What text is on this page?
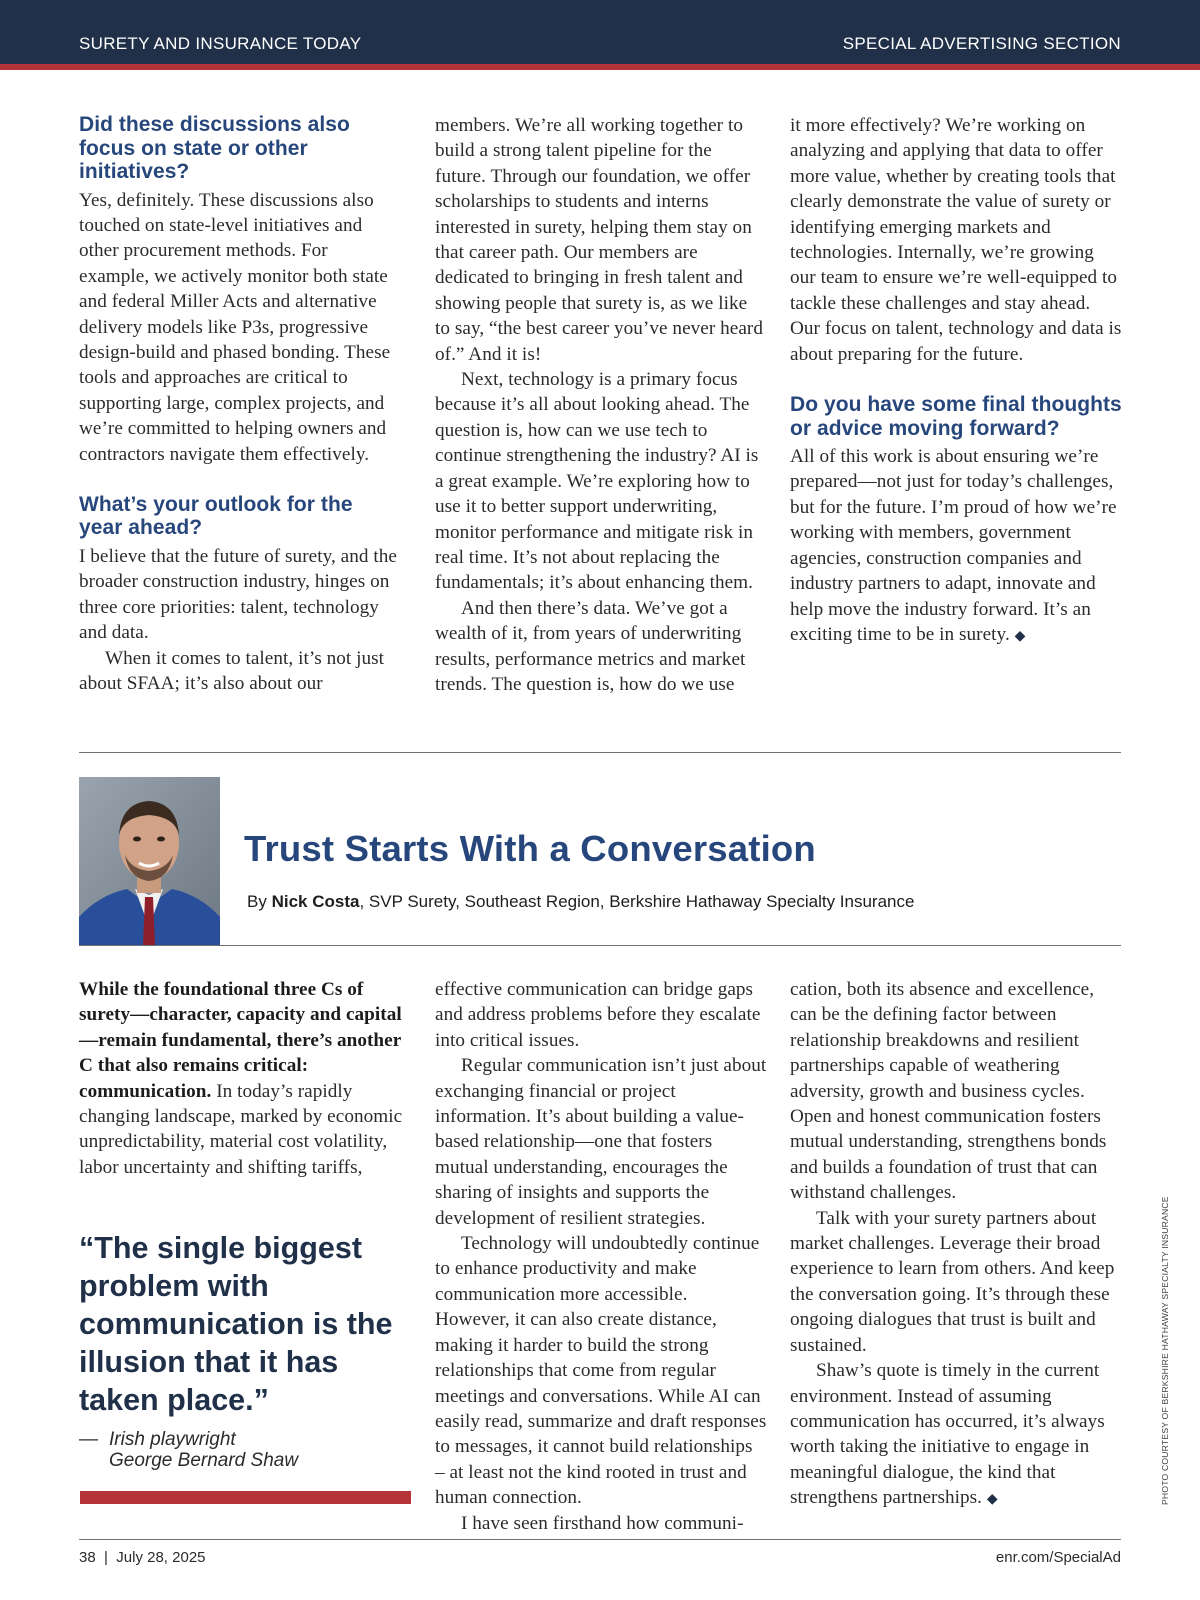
SURETY AND INSURANCE TODAY	SPECIAL ADVERTISING SECTION
Did these discussions also focus on state or other initiatives?

Yes, definitely. These discussions also touched on state-level initiatives and other procurement methods. For example, we actively monitor both state and federal Miller Acts and alternative delivery models like P3s, progressive design-build and phased bonding. These tools and approaches are critical to supporting large, complex projects, and we’re committed to helping owners and contractors navigate them effectively.

What’s your outlook for the year ahead?

I believe that the future of surety, and the broader construction industry, hinges on three core priorities: talent, technology and data.

When it comes to talent, it’s not just about SFAA; it’s also about our

members. We’re all working together to build a strong talent pipeline for the future. Through our foundation, we offer scholarships to students and interns interested in surety, helping them stay on that career path. Our members are dedicated to bringing in fresh talent and showing people that surety is, as we like to say, “the best career you’ve never heard of.” And it is!

Next, technology is a primary focus because it’s all about looking ahead. The question is, how can we use tech to continue strengthening the industry? AI is a great example. We’re exploring how to use it to better support underwriting, monitor performance and mitigate risk in real time. It’s not about replacing the fundamentals; it’s about enhancing them.

And then there’s data. We’ve got a wealth of it, from years of underwriting results, performance metrics and market trends. The question is, how do we use

it more effectively? We’re working on analyzing and applying that data to offer more value, whether by creating tools that clearly demonstrate the value of surety or identifying emerging markets and technologies. Internally, we’re growing our team to ensure we’re well-equipped to tackle these challenges and stay ahead. Our focus on talent, technology and data is about preparing for the future.

Do you have some final thoughts or advice moving forward?

All of this work is about ensuring we’re prepared—not just for today’s challenges, but for the future. I’m proud of how we’re working with members, government agencies, construction companies and industry partners to adapt, innovate and help move the industry forward. It’s an exciting time to be in surety. ◆

Trust Starts With a Conversation
By Nick Costa, SVP Surety, Southeast Region, Berkshire Hathaway Specialty Insurance

While the foundational three Cs of surety—character, capacity and capital—remain fundamental, there’s another C that also remains critical: communication. In today’s rapidly changing landscape, marked by economic unpredictability, material cost volatility, labor uncertainty and shifting tariffs,

“The single biggest problem with communication is the illusion that it has taken place.”
— Irish playwright
George Bernard Shaw

effective communication can bridge gaps and address problems before they escalate into critical issues.

Regular communication isn’t just about exchanging financial or project information. It’s about building a value-based relationship—one that fosters mutual understanding, encourages the sharing of insights and supports the development of resilient strategies.

Technology will undoubtedly continue to enhance productivity and make communication more accessible. However, it can also create distance, making it harder to build the strong relationships that come from regular meetings and conversations. While AI can easily read, summarize and draft responses to messages, it cannot build relationships – at least not the kind rooted in trust and human connection.

I have seen firsthand how communi-

cation, both its absence and excellence, can be the defining factor between relationship breakdowns and resilient partnerships capable of weathering adversity, growth and business cycles. Open and honest communication fosters mutual understanding, strengthens bonds and builds a foundation of trust that can withstand challenges.

Talk with your surety partners about market challenges. Leverage their broad experience to learn from others. And keep the conversation going. It’s through these ongoing dialogues that trust is built and sustained.

Shaw’s quote is timely in the current environment. Instead of assuming communication has occurred, it’s always worth taking the initiative to engage in meaningful dialogue, the kind that strengthens partnerships. ◆	PHOTO COURTESY OF BERKSHIRE HATHAWAY SPECIALTY INSURANCE
38 | July 28, 2025	enr.com/SpecialAd
